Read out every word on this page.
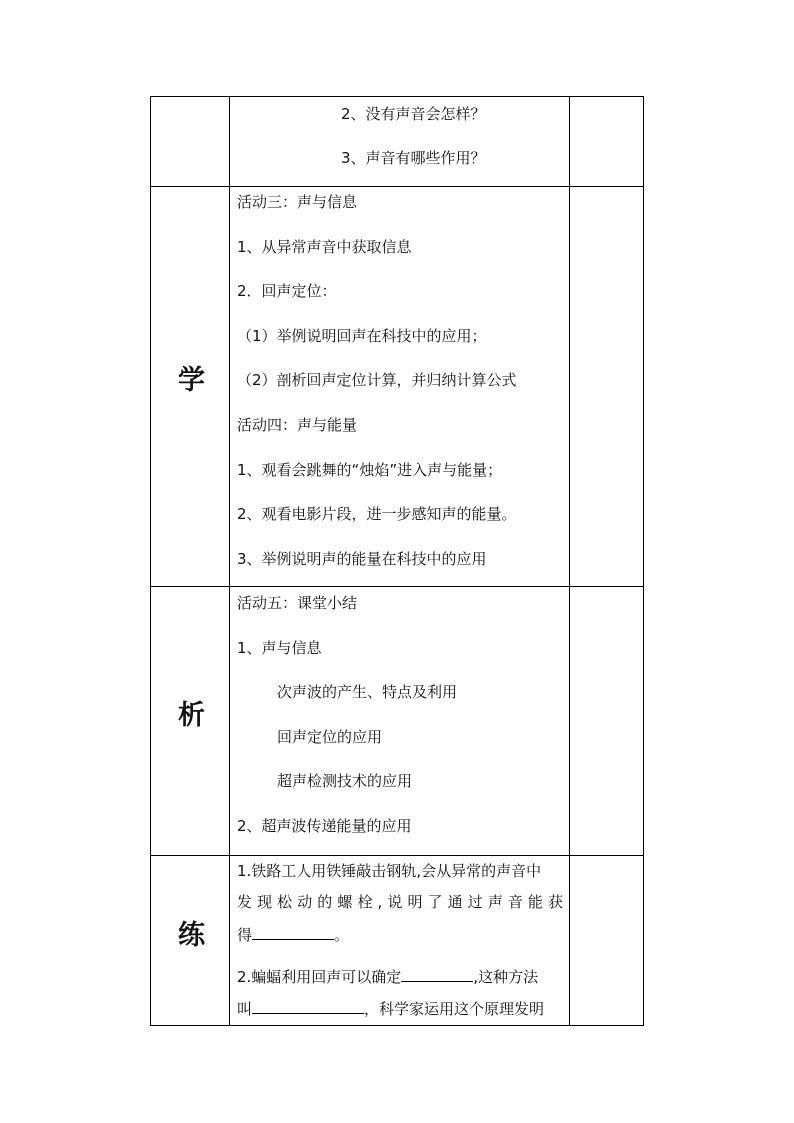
2、没有声音会怎样？
3、声音有哪些作用？
学
活动三：声与信息
1、从异常声音中获取信息
2．回声定位：
（1）举例说明回声在科技中的应用；
（2）剖析回声定位计算，并归纳计算公式
活动四：声与能量
1、观看会跳舞的“烛焰”进入声与能量；
2、观看电影片段，进一步感知声的能量。
3、举例说明声的能量在科技中的应用
析
活动五：课堂小结
1、声与信息
次声波的产生、特点及利用
回声定位的应用
超声检测技术的应用
2、超声波传递能量的应用
练
1.铁路工人用铁锤敲击钢轨,会从异常的声音中
发现松动的螺栓,说明了通过声音能获
得	。
2.蝙蝠利用回声可以确定	,这种方法
叫	，科学家运用这个原理发明
